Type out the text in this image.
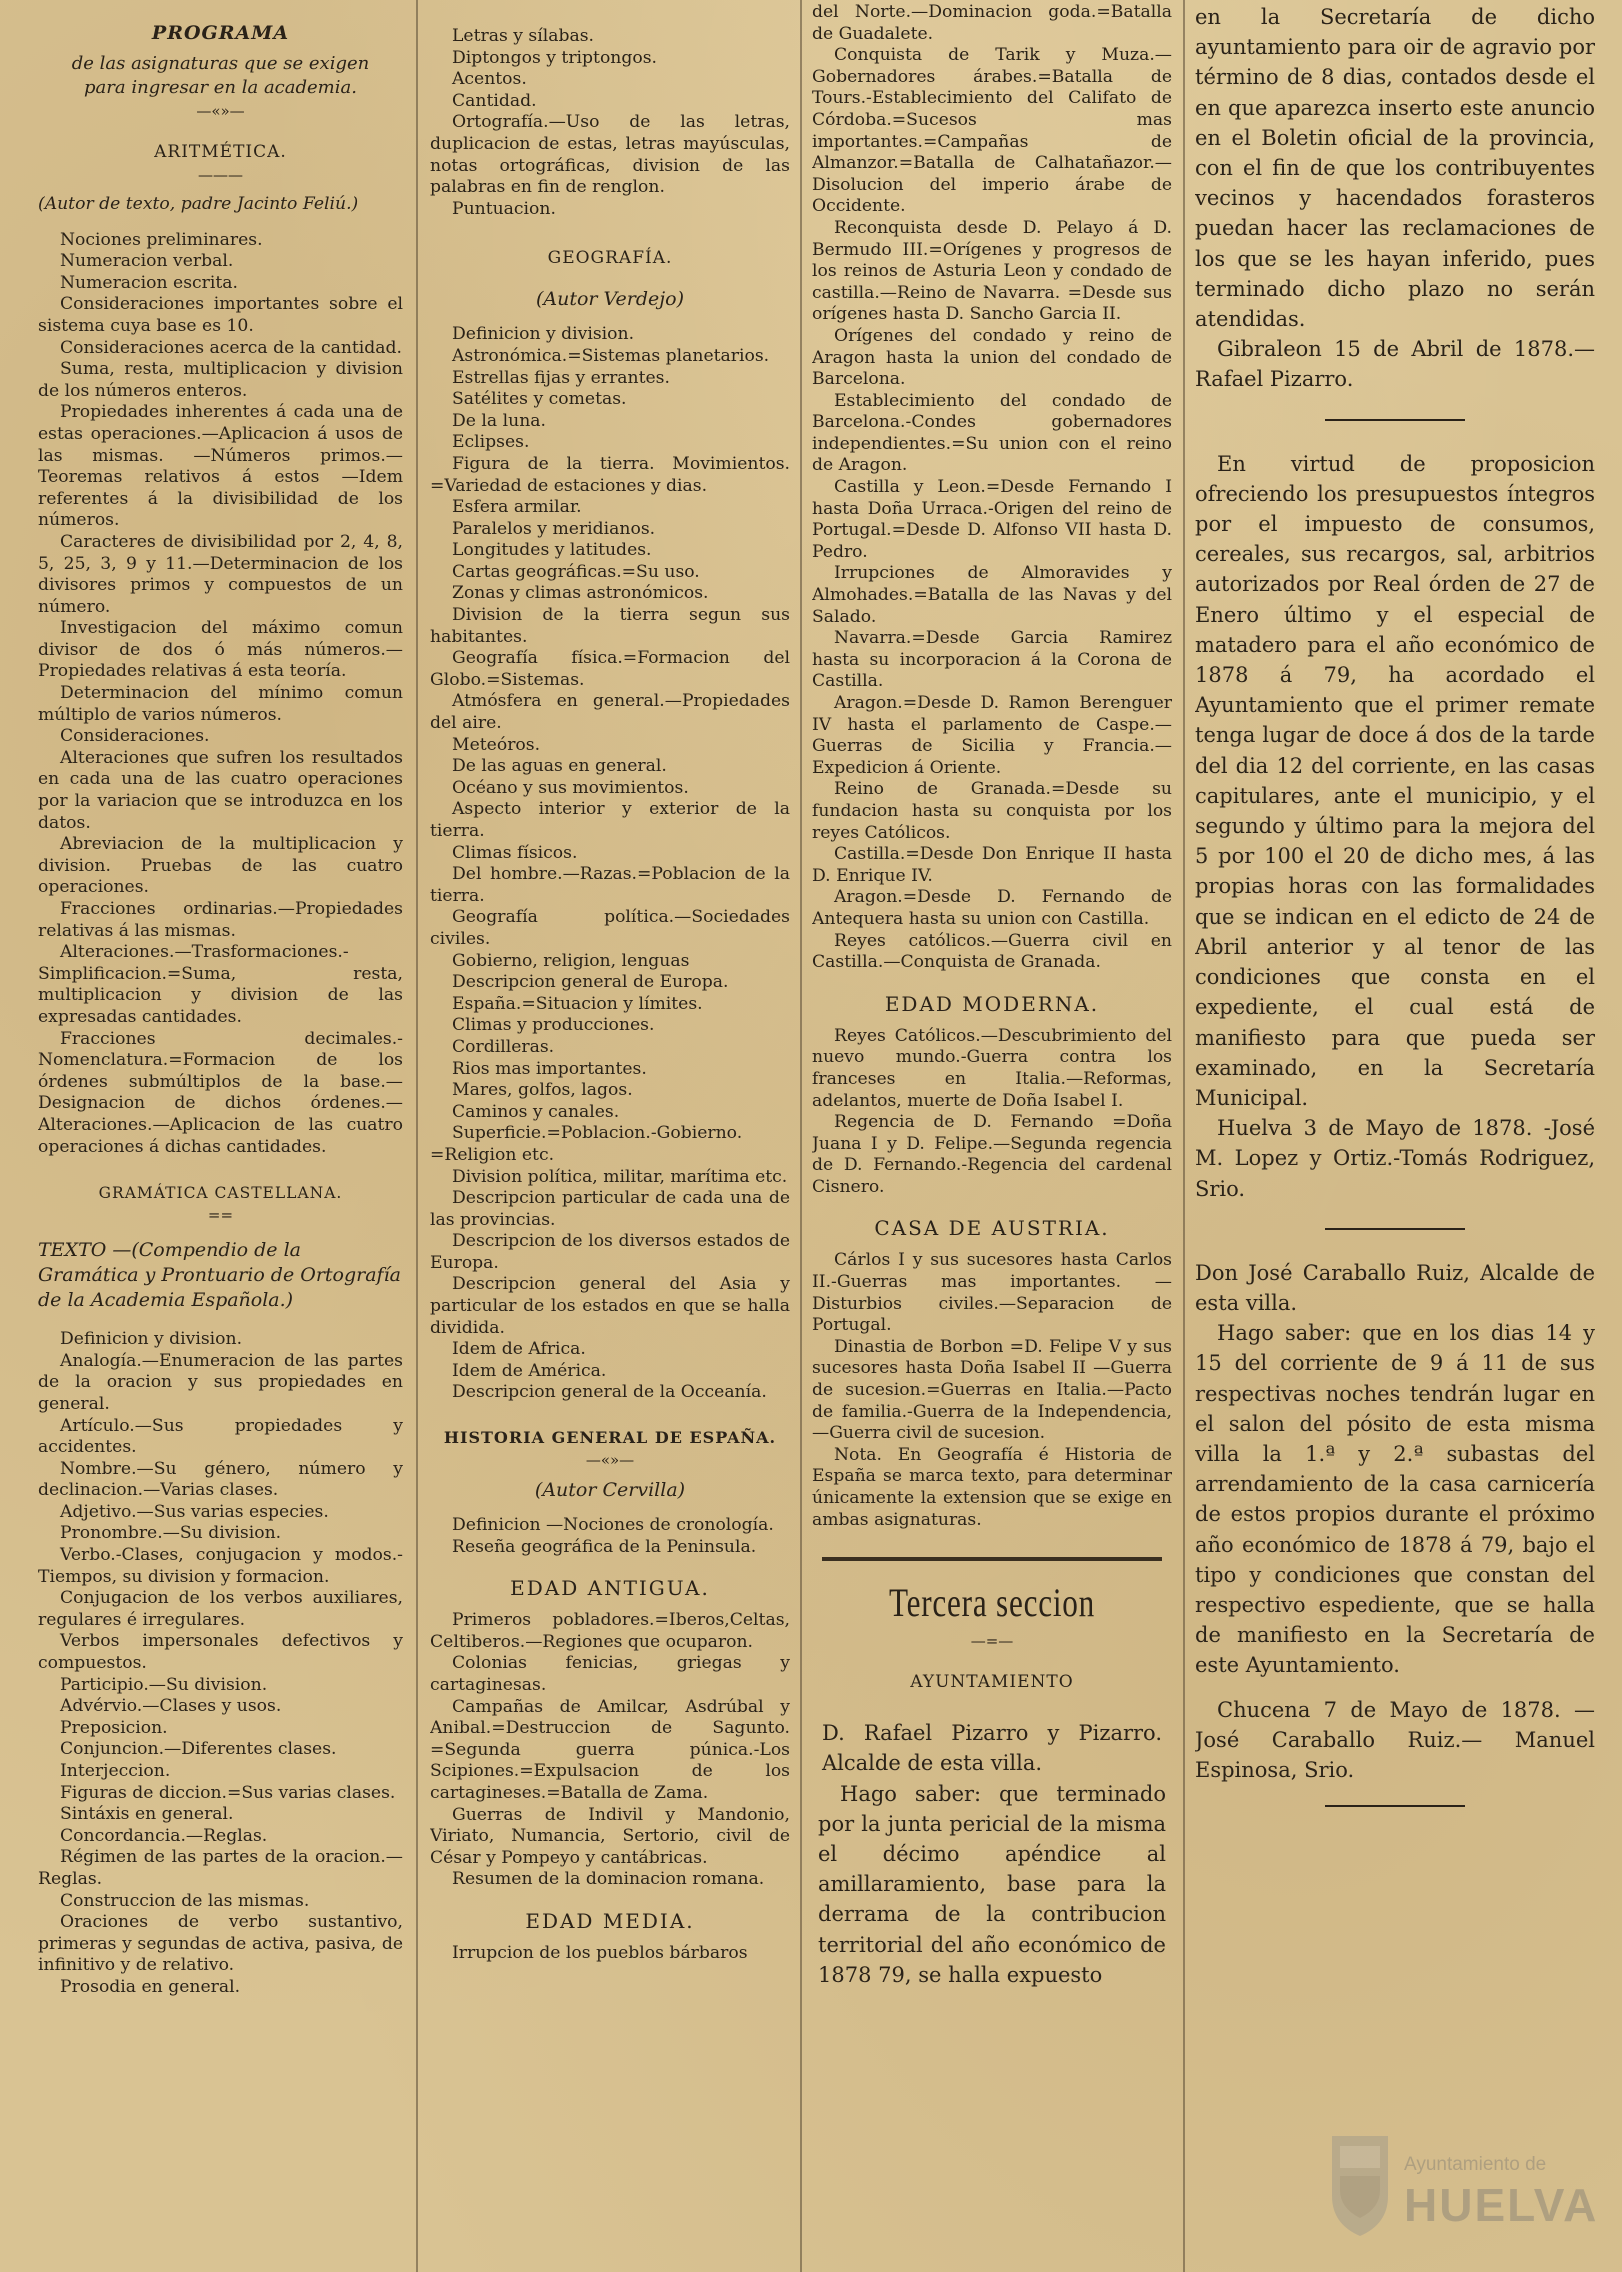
PROGRAMA
de las asignaturas que se exigen
para ingresar en la academia.
—«»—
ARITMÉTICA.
———

(Autor de texto, padre Jacinto Feliú.)

Nociones preliminares.

Numeracion verbal.

Numeracion escrita.

Consideraciones importantes sobre el sistema cuya base es 10.

Consideraciones acerca de la cantidad.

Suma, resta, multiplicacion y division de los números enteros.

Propiedades inherentes á cada una de estas operaciones.—Aplicacion á usos de las mismas. —Números primos.—Teoremas relativos á estos —Idem referentes á la divisibilidad de los números.

Caracteres de divisibilidad por 2, 4, 8, 5, 25, 3, 9 y 11.—Determinacion de los divisores primos y compuestos de un número.

Investigacion del máximo comun divisor de dos ó más números.—Propiedades relativas á esta teoría.

Determinacion del mínimo comun múltiplo de varios números.

Consideraciones.

Alteraciones que sufren los resultados en cada una de las cuatro operaciones por la variacion que se introduzca en los datos.

Abreviacion de la multiplicacion y division. Pruebas de las cuatro operaciones.

Fracciones ordinarias.—Propiedades relativas á las mismas.

Alteraciones.—Trasformaciones.-Simplificacion.=Suma, resta, multiplicacion y division de las expresadas cantidades.

Fracciones decimales.-Nomenclatura.=Formacion de los órdenes submúltiplos de la base.—Designacion de dichos órdenes.—Alteraciones.—Aplicacion de las cuatro operaciones á dichas cantidades.

GRAMÁTICA CASTELLANA.
==

TEXTO —(Compendio de la Gramática y Prontuario de Ortografía de la Academia Española.)

Definicion y division.

Analogía.—Enumeracion de las partes de la oracion y sus propiedades en general.

Artículo.—Sus propiedades y accidentes.

Nombre.—Su género, número y declinacion.—Varias clases.

Adjetivo.—Sus varias especies.

Pronombre.—Su division.

Verbo.-Clases, conjugacion y modos.- Tiempos, su division y formacion.

Conjugacion de los verbos auxiliares, regulares é irregulares.

Verbos impersonales defectivos y compuestos.

Participio.—Su division.

Advérvio.—Clases y usos.

Preposicion.

Conjuncion.—Diferentes clases.

Interjeccion.

Figuras de diccion.=Sus varias clases.

Sintáxis en general.

Concordancia.—Reglas.

Régimen de las partes de la oracion.—Reglas.

Construccion de las mismas.

Oraciones de verbo sustantivo, primeras y segundas de activa, pasiva, de infinitivo y de relativo.

Prosodia en general.

Letras y sílabas.

Diptongos y triptongos.

Acentos.

Cantidad.

Ortografía.—Uso de las letras, duplicacion de estas, letras mayúsculas, notas ortográficas, division de las palabras en fin de renglon.

Puntuacion.

GEOGRAFÍA.
(Autor Verdejo)

Definicion y division.

Astronómica.=Sistemas planetarios.

Estrellas fijas y errantes.

Satélites y cometas.

De la luna.

Eclipses.

Figura de la tierra. Movimientos. =Variedad de estaciones y dias.

Esfera armilar.

Paralelos y meridianos.

Longitudes y latitudes.

Cartas geográficas.=Su uso.

Zonas y climas astronómicos.

Division de la tierra segun sus habitantes.

Geografía física.=Formacion del Globo.=Sistemas.

Atmósfera en general.—Propiedades del aire.

Meteóros.

De las aguas en general.

Océano y sus movimientos.

Aspecto interior y exterior de la tierra.

Climas físicos.

Del hombre.—Razas.=Poblacion de la tierra.

Geografía política.—Sociedades civiles.

Gobierno, religion, lenguas

Descripcion general de Europa.

España.=Situacion y límites.

Climas y producciones.

Cordilleras.

Rios mas importantes.

Mares, golfos, lagos.

Caminos y canales.

Superficie.=Poblacion.-Gobierno. =Religion etc.

Division política, militar, marítima etc.

Descripcion particular de cada una de las provincias.

Descripcion de los diversos estados de Europa.

Descripcion general del Asia y particular de los estados en que se halla dividida.

Idem de Africa.

Idem de América.

Descripcion general de la Occeanía.

HISTORIA GENERAL DE ESPAÑA.
—«»—
(Autor Cervilla)

Definicion —Nociones de cronología.

Reseña geográfica de la Peninsula.

EDAD ANTIGUA.

Primeros pobladores.=Iberos,Celtas, Celtiberos.—Regiones que ocuparon.

Colonias fenicias, griegas y cartaginesas.

Campañas de Amilcar, Asdrúbal y Anibal.=Destruccion de Sagunto. =Segunda guerra púnica.-Los Scipiones.=Expulsacion de los cartagineses.=Batalla de Zama.

Guerras de Indivil y Mandonio, Viriato, Numancia, Sertorio, civil de César y Pompeyo y cantábricas.

Resumen de la dominacion romana.

EDAD MEDIA.

Irrupcion de los pueblos bárbaros

del Norte.—Dominacion goda.=Batalla de Guadalete.

Conquista de Tarik y Muza.—Gobernadores árabes.=Batalla de Tours.-Establecimiento del Califato de Córdoba.=Sucesos mas importantes.=Campañas de Almanzor.=Batalla de Calhatañazor.—Disolucion del imperio árabe de Occidente.

Reconquista desde D. Pelayo á D. Bermudo III.=Orígenes y progresos de los reinos de Asturia Leon y condado de castilla.—Reino de Navarra. =Desde sus orígenes hasta D. Sancho Garcia II.

Orígenes del condado y reino de Aragon hasta la union del condado de Barcelona.

Establecimiento del condado de Barcelona.-Condes gobernadores independientes.=Su union con el reino de Aragon.

Castilla y Leon.=Desde Fernando I hasta Doña Urraca.-Origen del reino de Portugal.=Desde D. Alfonso VII hasta D. Pedro.

Irrupciones de Almoravides y Almohades.=Batalla de las Navas y del Salado.

Navarra.=Desde Garcia Ramirez hasta su incorporacion á la Corona de Castilla.

Aragon.=Desde D. Ramon Berenguer IV hasta el parlamento de Caspe.—Guerras de Sicilia y Francia.—Expedicion á Oriente.

Reino de Granada.=Desde su fundacion hasta su conquista por los reyes Católicos.

Castilla.=Desde Don Enrique II hasta D. Enrique IV.

Aragon.=Desde D. Fernando de Antequera hasta su union con Castilla.

Reyes católicos.—Guerra civil en Castilla.—Conquista de Granada.

EDAD MODERNA.

Reyes Católicos.—Descubrimiento del nuevo mundo.-Guerra contra los franceses en Italia.—Reformas, adelantos, muerte de Doña Isabel I.

Regencia de D. Fernando =Doña Juana I y D. Felipe.—Segunda regencia de D. Fernando.-Regencia del cardenal Cisnero.

CASA DE AUSTRIA.

Cárlos I y sus sucesores hasta Carlos II.-Guerras mas importantes. —Disturbios civiles.—Separacion de Portugal.

Dinastia de Borbon =D. Felipe V y sus sucesores hasta Doña Isabel II —Guerra de sucesion.=Guerras en Italia.—Pacto de familia.-Guerra de la Independencia,—Guerra civil de sucesion.

Nota. En Geografía é Historia de España se marca texto, para determinar únicamente la extension que se exige en ambas asignaturas.

Tercera seccion
—=—
AYUNTAMIENTO

D. Rafael Pizarro y Pizarro. Alcalde de esta villa.

Hago saber: que terminado por la junta pericial de la misma el décimo apéndice al amillaramiento, base para la derrama de la contribucion territorial del año económico de 1878 79, se halla expuesto

en la Secretaría de dicho ayuntamiento para oir de agravio por término de 8 dias, contados desde el en que aparezca inserto este anuncio en el Boletin oficial de la provincia, con el fin de que los contribuyentes vecinos y hacendados forasteros puedan hacer las reclamaciones de los que se les hayan inferido, pues terminado dicho plazo no serán atendidas.

Gibraleon 15 de Abril de 1878.—Rafael Pizarro.

En virtud de proposicion ofreciendo los presupuestos íntegros por el impuesto de consumos, cereales, sus recargos, sal, arbitrios autorizados por Real órden de 27 de Enero último y el especial de matadero para el año económico de 1878 á 79, ha acordado el Ayuntamiento que el primer remate tenga lugar de doce á dos de la tarde del dia 12 del corriente, en las casas capitulares, ante el municipio, y el segundo y último para la mejora del 5 por 100 el 20 de dicho mes, á las propias horas con las formalidades que se indican en el edicto de 24 de Abril anterior y al tenor de las condiciones que consta en el expediente, el cual está de manifiesto para que pueda ser examinado, en la Secretaría Municipal.

Huelva 3 de Mayo de 1878. -José M. Lopez y Ortiz.-Tomás Rodriguez, Srio.

Don José Caraballo Ruiz, Alcalde de esta villa.

Hago saber: que en los dias 14 y 15 del corriente de 9 á 11 de sus respectivas noches tendrán lugar en el salon del pósito de esta misma villa la 1.ª y 2.ª subastas del arrendamiento de la casa carnicería de estos propios durante el próximo año económico de 1878 á 79, bajo el tipo y condiciones que constan del respectivo espediente, que se halla de manifiesto en la Secretaría de este Ayuntamiento.

Chucena 7 de Mayo de 1878. —José Caraballo Ruiz.— Manuel Espinosa, Srio.

Ayuntamiento de
HUELVA
